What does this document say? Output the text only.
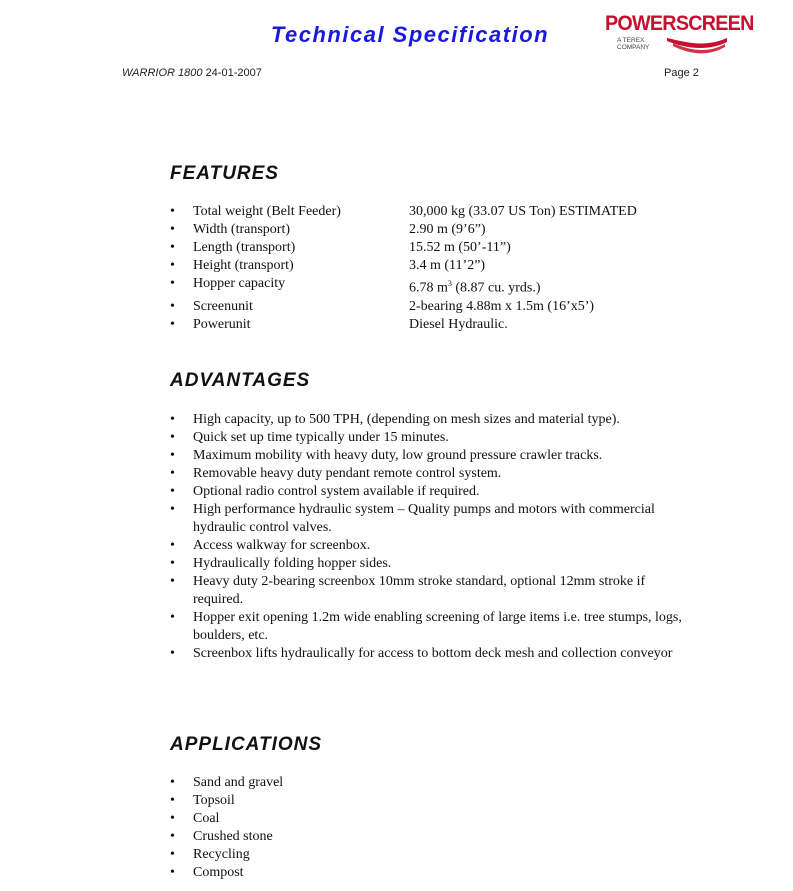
Technical Specification	POWERSCREEN
A TEREX
COMPANY
WARRIOR 1800 24-01-2007	Page 2
FEATURES
• Total weight (Belt Feeder)	30,000 kg (33.07 US Ton) ESTIMATED
• Width (transport)	2.90 m (9’6”)
• Length (transport)	15.52 m (50’-11”)
• Height (transport)	3.4 m (11’2”)
• Hopper capacity	6.78 $m^3$ (8.87 cu. yrds.)
• Screenunit	2-bearing 4.88m x 1.5m (16’x5’)
• Powerunit	Diesel Hydraulic.
ADVANTAGES
• High capacity, up to 500 TPH, (depending on mesh sizes and material type).
• Quick set up time typically under 15 minutes.
• Maximum mobility with heavy duty, low ground pressure crawler tracks.
• Removable heavy duty pendant remote control system.
• Optional radio control system available if required.
• High performance hydraulic system – Quality pumps and motors with commercial hydraulic control valves.
• Access walkway for screenbox.
• Hydraulically folding hopper sides.
• Heavy duty 2-bearing screenbox 10mm stroke standard, optional 12mm stroke if required.
• Hopper exit opening 1.2m wide enabling screening of large items i.e. tree stumps, logs, boulders, etc.
• Screenbox lifts hydraulically for access to bottom deck mesh and collection conveyor
APPLICATIONS
• Sand and gravel
• Topsoil
• Coal
• Crushed stone
• Recycling
• Compost
